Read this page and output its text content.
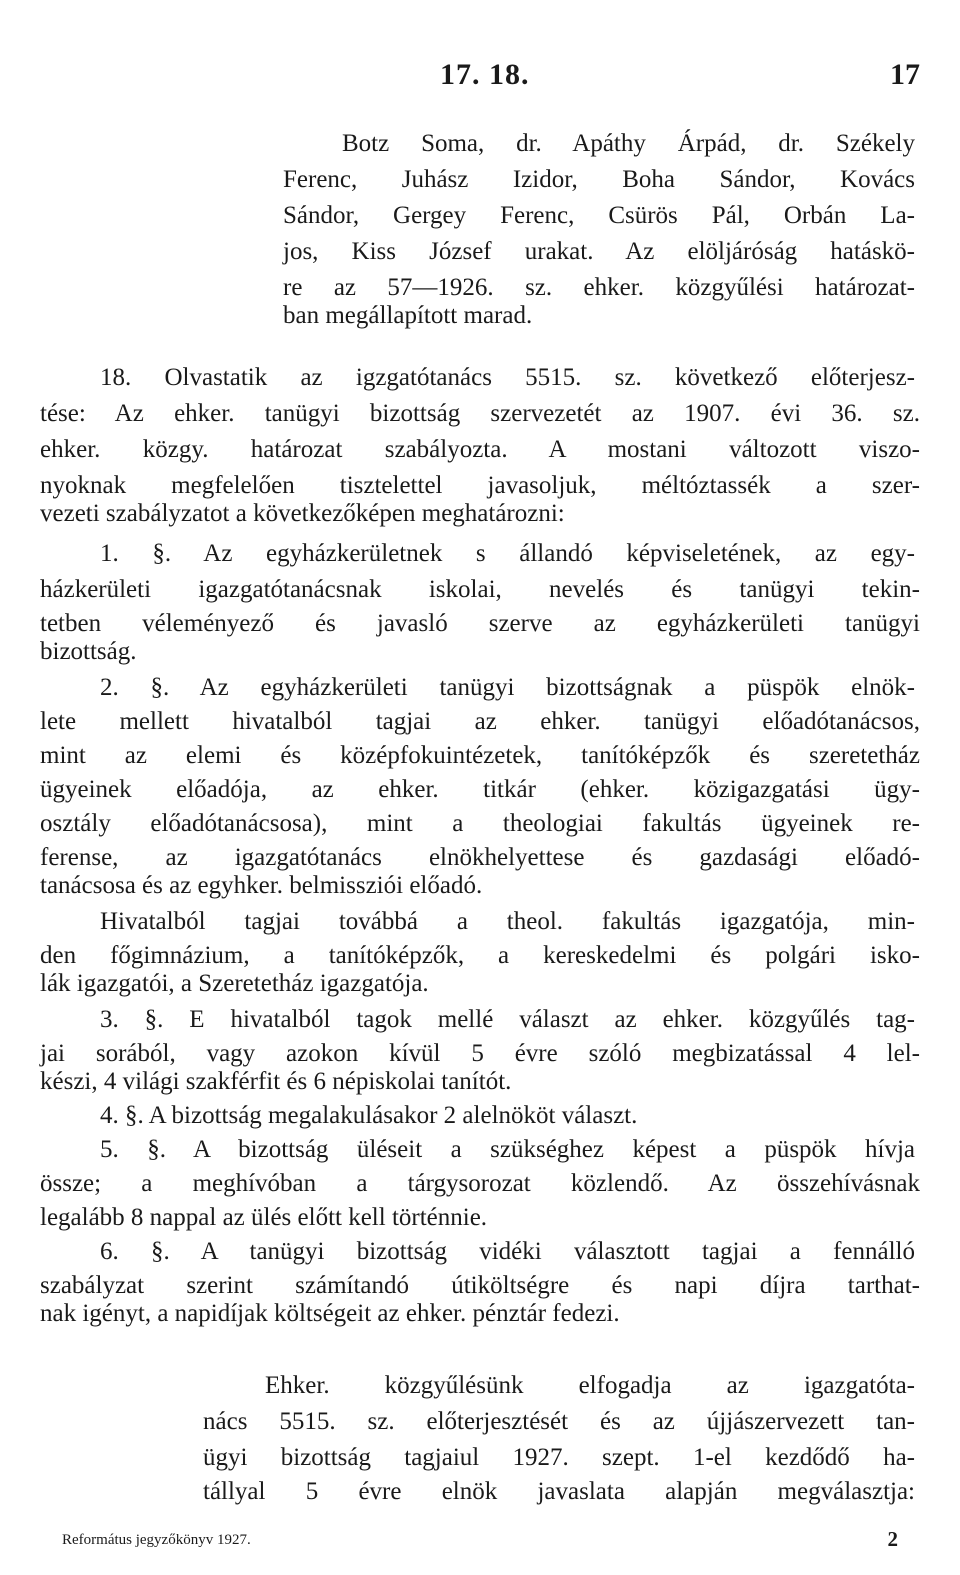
17. 18.	17
Botz Soma, dr. Apáthy Árpád, dr. Székely
Ferenc, Juhász Izidor, Boha Sándor, Kovács
Sándor, Gergey Ferenc, Csürös Pál, Orbán La-
jos, Kiss József urakat. Az elöljáróság hatáskö-
re az 57—1926. sz. ehker. közgyűlési határozat-
ban megállapított marad.
18. Olvastatik az igzgatótanács 5515. sz. következő előterjesz-
tése: Az ehker. tanügyi bizottság szervezetét az 1907. évi 36. sz.
ehker. közgy. határozat szabályozta. A mostani változott viszo-
nyoknak megfelelően tisztelettel javasoljuk, méltóztassék a szer-
vezeti szabályzatot a következőképen meghatározni:
1. §. Az egyházkerületnek s állandó képviseletének, az egy-
házkerületi igazgatótanácsnak iskolai, nevelés és tanügyi tekin-
tetben véleményező és javasló szerve az egyházkerületi tanügyi
bizottság.
2. §. Az egyházkerületi tanügyi bizottságnak a püspök elnök-
lete mellett hivatalból tagjai az ehker. tanügyi előadótanácsos,
mint az elemi és középfokuintézetek, tanítóképzők és szeretetház
ügyeinek előadója, az ehker. titkár (ehker. közigazgatási ügy-
osztály előadótanácsosa), mint a theologiai fakultás ügyeinek re-
ferense, az igazgatótanács elnökhelyettese és gazdasági előadó-
tanácsosa és az egyhker. belmissziói előadó.
Hivatalból tagjai továbbá a theol. fakultás igazgatója, min-
den főgimnázium, a tanítóképzők, a kereskedelmi és polgári isko-
lák igazgatói, a Szeretetház igazgatója.
3. §. E hivatalból tagok mellé választ az ehker. közgyűlés tag-
jai sorából, vagy azokon kívül 5 évre szóló megbizatással 4 lel-
készi, 4 világi szakférfit és 6 népiskolai tanítót.
4. §. A bizottság megalakulásakor 2 alelnököt választ.
5. §. A bizottság üléseit a szükséghez képest a püspök hívja
össze; a meghívóban a tárgysorozat közlendő. Az összehívásnak
legalább 8 nappal az ülés előtt kell történnie.
6. §. A tanügyi bizottság vidéki választott tagjai a fennálló
szabályzat szerint számítandó útiköltségre és napi díjra tarthat-
nak igényt, a napidíjak költségeit az ehker. pénztár fedezi.
Ehker. közgyűlésünk elfogadja az igazgatóta-
nács 5515. sz. előterjesztését és az újjászervezett tan-
ügyi bizottság tagjaiul 1927. szept. 1-el kezdődő ha-
tállyal 5 évre elnök javaslata alapján megválasztja:
Református jegyzőkönyv 1927.	2
